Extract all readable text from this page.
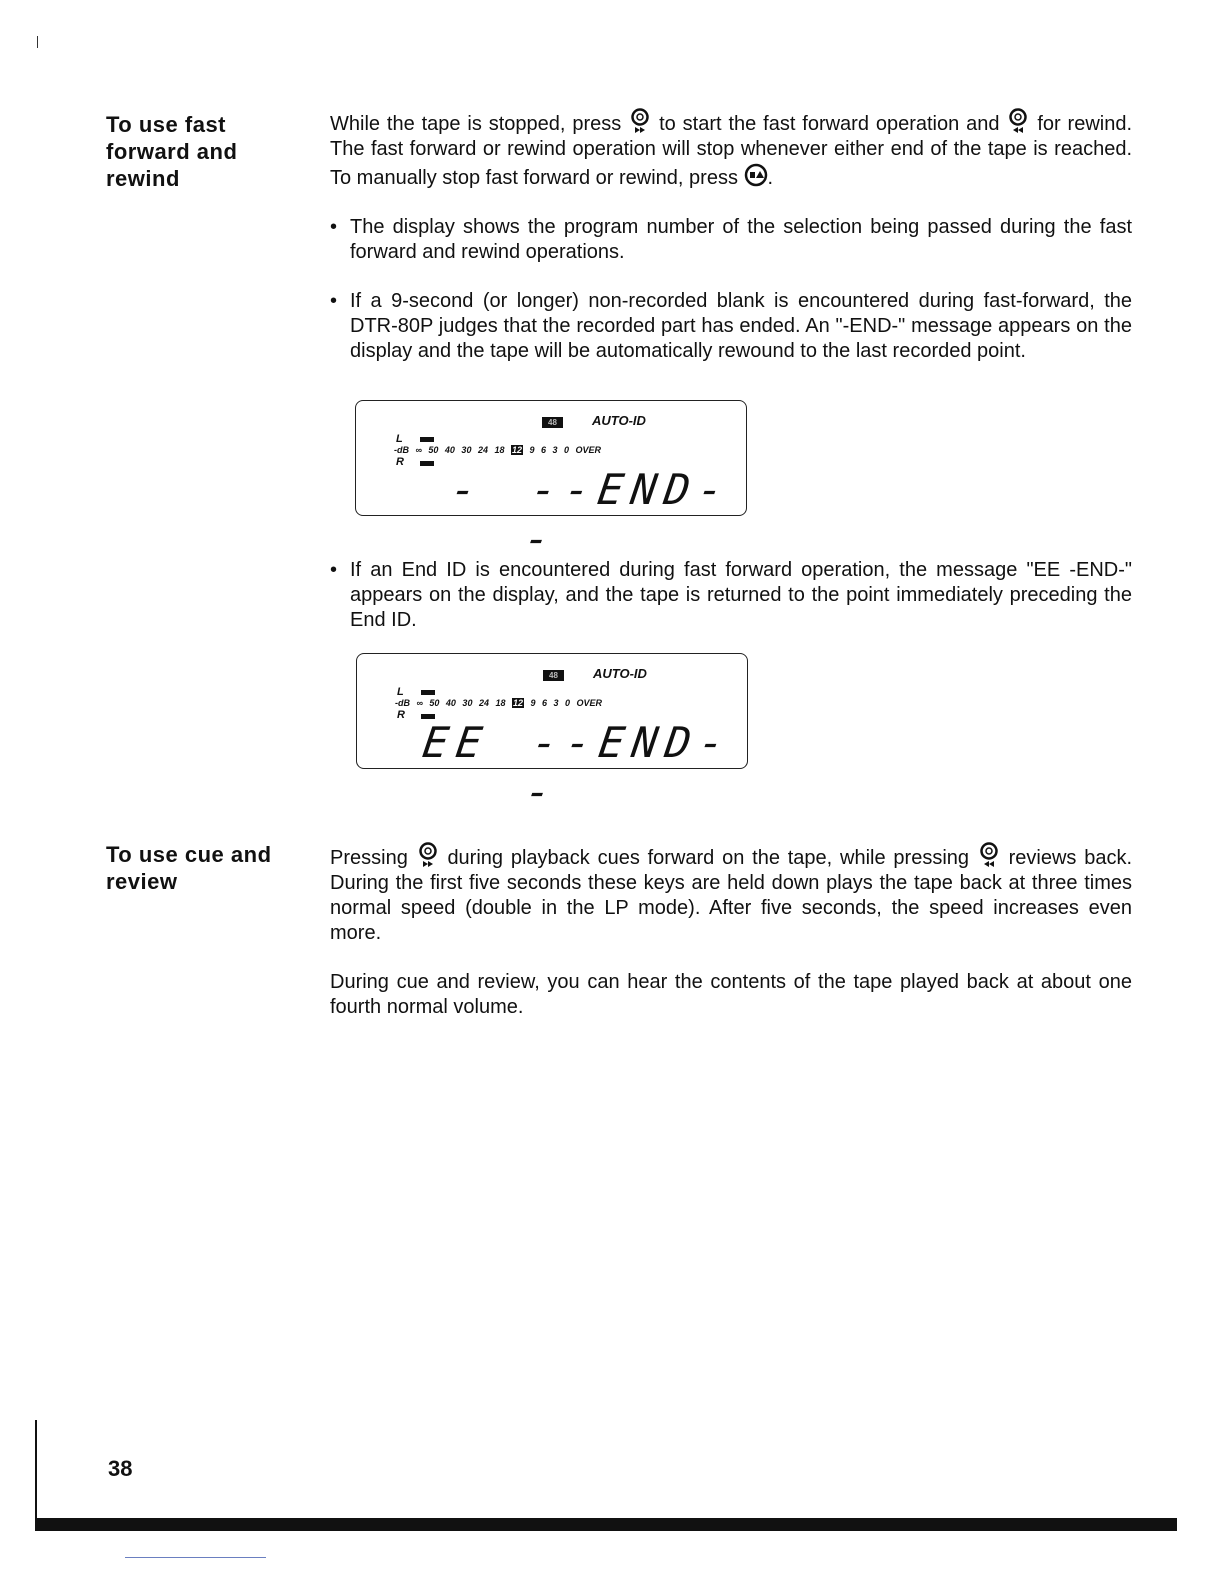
To use fast forward and rewind

While the tape is stopped, press  to start the fast forward operation and  for rewind. The fast forward or rewind operation will stop whenever either end of the tape is reached. To manually stop fast forward or rewind, press .

• The display shows the program number of the selection being passed during the fast forward and rewind operations.
• If a 9-second (or longer) non-recorded blank is encountered during fast-forward, the DTR-80P judges that the recorded part has ended. An "-END-" message appears on the display and the tape will be automatically rewound to the last recorded point.
• If an End ID is encountered during fast forward operation, the message "EE -END-" appears on the display, and the tape is returned to the point immediately preceding the End ID.
48	AUTO-ID
L
-dB ∞ 50 40 30 24 18 12 9 6 3 0 OVER
R
- --END--
48	AUTO-ID
L
-dB ∞ 50 40 30 24 18 12 9 6 3 0 OVER
R
EE --END--
To use cue and review

Pressing  during playback cues forward on the tape, while pressing  reviews back. During the first five seconds these keys are held down plays the tape back at three times normal speed (double in the LP mode). After five seconds, the speed increases even more.

During cue and review, you can hear the contents of the tape played back at about one fourth normal volume.

38
